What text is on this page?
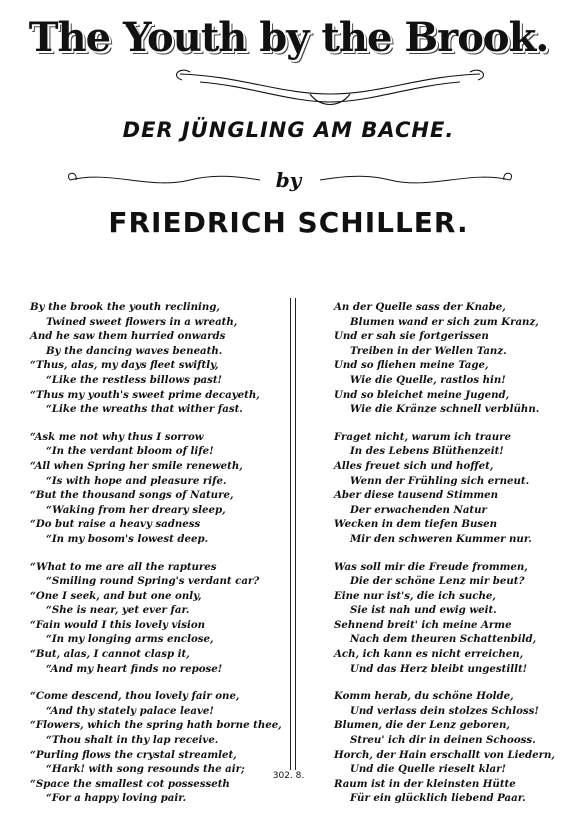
The Youth by the Brook.
DER JÜNGLING AM BACHE.
by
FRIEDRICH SCHILLER.
By the brook the youth reclining,
Twined sweet flowers in a wreath,
And he saw them hurried onwards
By the dancing waves beneath.
“Thus, alas, my days fleet swiftly,
“Like the restless billows past!
“Thus my youth's sweet prime decayeth,
“Like the wreaths that wither fast.
“Ask me not why thus I sorrow
“In the verdant bloom of life!
“All when Spring her smile reneweth,
“Is with hope and pleasure rife.
“But the thousand songs of Nature,
“Waking from her dreary sleep,
“Do but raise a heavy sadness
“In my bosom's lowest deep.
“What to me are all the raptures
“Smiling round Spring's verdant car?
“One I seek, and but one only,
“She is near, yet ever far.
“Fain would I this lovely vision
“In my longing arms enclose,
“But, alas, I cannot clasp it,
“And my heart finds no repose!
“Come descend, thou lovely fair one,
“And thy stately palace leave!
“Flowers, which the spring hath borne thee,
“Thou shalt in thy lap receive.
“Purling flows the crystal streamlet,
“Hark! with song resounds the air;
“Space the smallest cot possesseth
“For a happy loving pair.
An der Quelle sass der Knabe,
Blumen wand er sich zum Kranz,
Und er sah sie fortgerissen
Treiben in der Wellen Tanz.
Und so fliehen meine Tage,
Wie die Quelle, rastlos hin!
Und so bleichet meine Jugend,
Wie die Kränze schnell verblühn.
Fraget nicht, warum ich traure
In des Lebens Blüthenzeit!
Alles freuet sich und hoffet,
Wenn der Frühling sich erneut.
Aber diese tausend Stimmen
Der erwachenden Natur
Wecken in dem tiefen Busen
Mir den schweren Kummer nur.
Was soll mir die Freude frommen,
Die der schöne Lenz mir beut?
Eine nur ist's, die ich suche,
Sie ist nah und ewig weit.
Sehnend breit' ich meine Arme
Nach dem theuren Schattenbild,
Ach, ich kann es nicht erreichen,
Und das Herz bleibt ungestillt!
Komm herab, du schöne Holde,
Und verlass dein stolzes Schloss!
Blumen, die der Lenz geboren,
Streu' ich dir in deinen Schooss.
Horch, der Hain erschallt von Liedern,
Und die Quelle rieselt klar!
Raum ist in der kleinsten Hütte
Für ein glücklich liebend Paar.
302. 8.
